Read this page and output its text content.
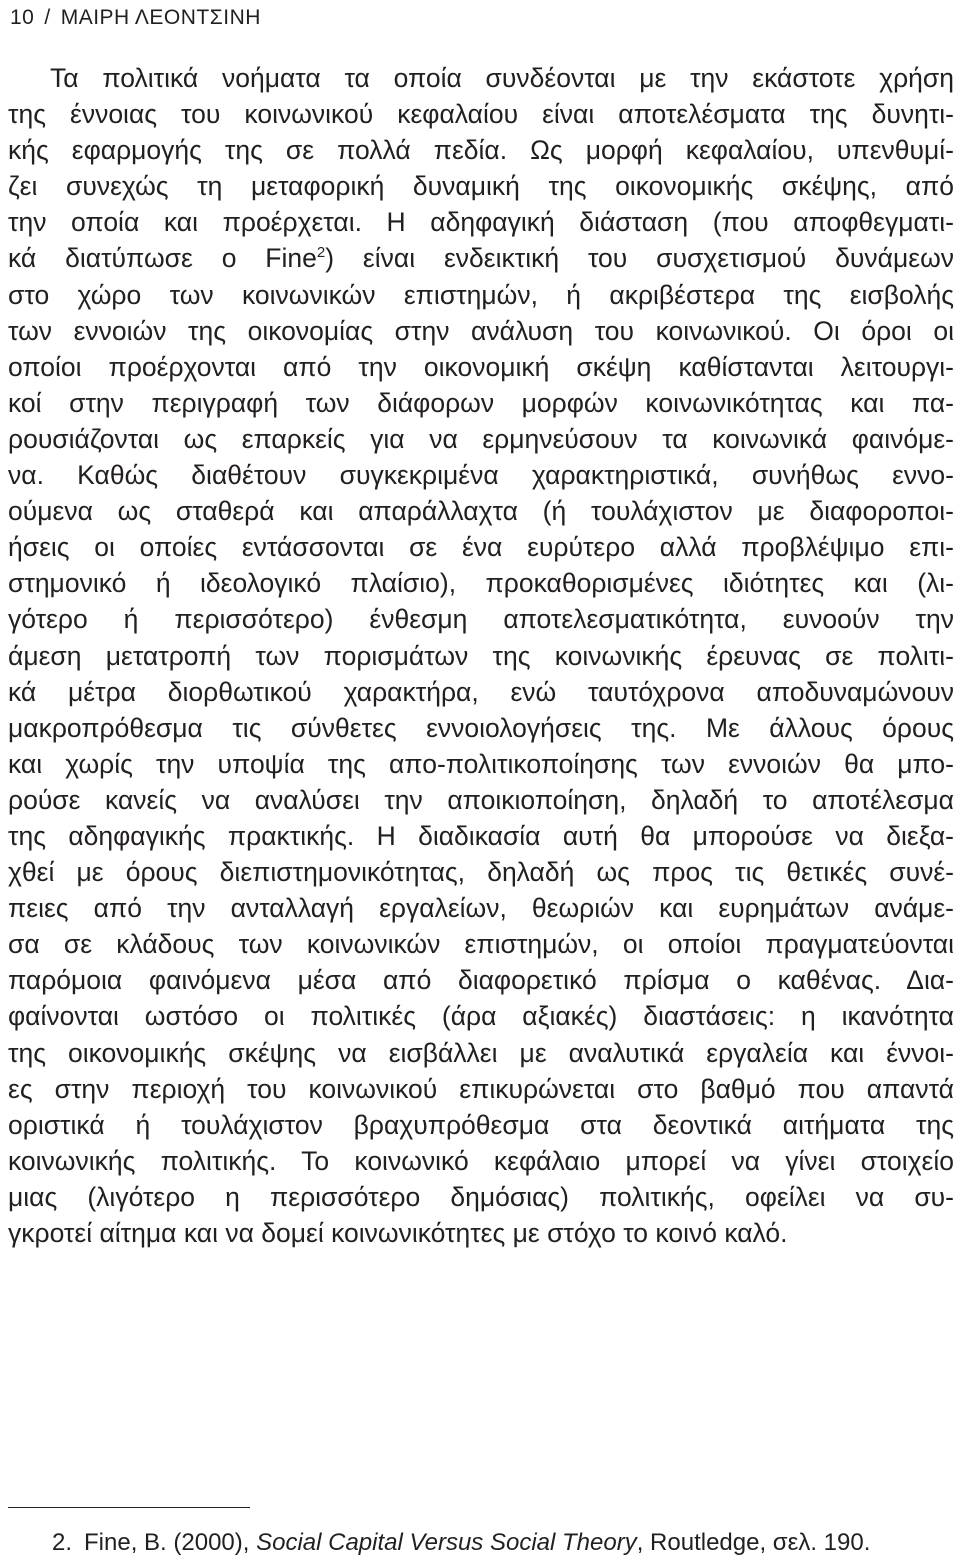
10 / ΜΑΙΡΗ ΛΕΟΝΤΣΙΝΗ
Τα πολιτικά νοήματα τα οποία συνδέονται με την εκάστοτε χρήση
της έννοιας του κοινωνικού κεφαλαίου είναι αποτελέσματα της δυνητι-
κής εφαρμογής της σε πολλά πεδία. Ως μορφή κεφαλαίου, υπενθυμί-
ζει συνεχώς τη μεταφορική δυναμική της οικονομικής σκέψης, από
την οποία και προέρχεται. Η αδηφαγική διάσταση (που αποφθεγματι-
κά διατύπωσε ο Fine$^2$) είναι ενδεικτική του συσχετισμού δυνάμεων
στο χώρο των κοινωνικών επιστημών, ή ακριβέστερα της εισβολής
των εννοιών της οικονομίας στην ανάλυση του κοινωνικού. Οι όροι οι
οποίοι προέρχονται από την οικονομική σκέψη καθίστανται λειτουργι-
κοί στην περιγραφή των διάφορων μορφών κοινωνικότητας και πα-
ρουσιάζονται ως επαρκείς για να ερμηνεύσουν τα κοινωνικά φαινόμε-
να. Καθώς διαθέτουν συγκεκριμένα χαρακτηριστικά, συνήθως εννο-
ούμενα ως σταθερά και απαράλλαχτα (ή τουλάχιστον με διαφοροποι-
ήσεις οι οποίες εντάσσονται σε ένα ευρύτερο αλλά προβλέψιμο επι-
στημονικό ή ιδεολογικό πλαίσιο), προκαθορισμένες ιδιότητες και (λι-
γότερο ή περισσότερο) ένθεσμη αποτελεσματικότητα, ευνοούν την
άμεση μετατροπή των πορισμάτων της κοινωνικής έρευνας σε πολιτι-
κά μέτρα διορθωτικού χαρακτήρα, ενώ ταυτόχρονα αποδυναμώνουν
μακροπρόθεσμα τις σύνθετες εννοιολογήσεις της. Με άλλους όρους
και χωρίς την υποψία της απο-πολιτικοποίησης των εννοιών θα μπο-
ρούσε κανείς να αναλύσει την αποικιοποίηση, δηλαδή το αποτέλεσμα
της αδηφαγικής πρακτικής. Η διαδικασία αυτή θα μπορούσε να διεξα-
χθεί με όρους διεπιστημονικότητας, δηλαδή ως προς τις θετικές συνέ-
πειες από την ανταλλαγή εργαλείων, θεωριών και ευρημάτων ανάμε-
σα σε κλάδους των κοινωνικών επιστημών, οι οποίοι πραγματεύονται
παρόμοια φαινόμενα μέσα από διαφορετικό πρίσμα ο καθένας. Δια-
φαίνονται ωστόσο οι πολιτικές (άρα αξιακές) διαστάσεις: η ικανότητα
της οικονομικής σκέψης να εισβάλλει με αναλυτικά εργαλεία και έννοι-
ες στην περιοχή του κοινωνικού επικυρώνεται στο βαθμό που απαντά
οριστικά ή τουλάχιστον βραχυπρόθεσμα στα δεοντικά αιτήματα της
κοινωνικής πολιτικής. Το κοινωνικό κεφάλαιο μπορεί να γίνει στοιχείο
μιας (λιγότερο η περισσότερο δημόσιας) πολιτικής, οφείλει να συ-
γκροτεί αίτημα και να δομεί κοινωνικότητες με στόχο το κοινό καλό.
2. Fine, B. (2000), Social Capital Versus Social Theory, Routledge, σελ. 190.
